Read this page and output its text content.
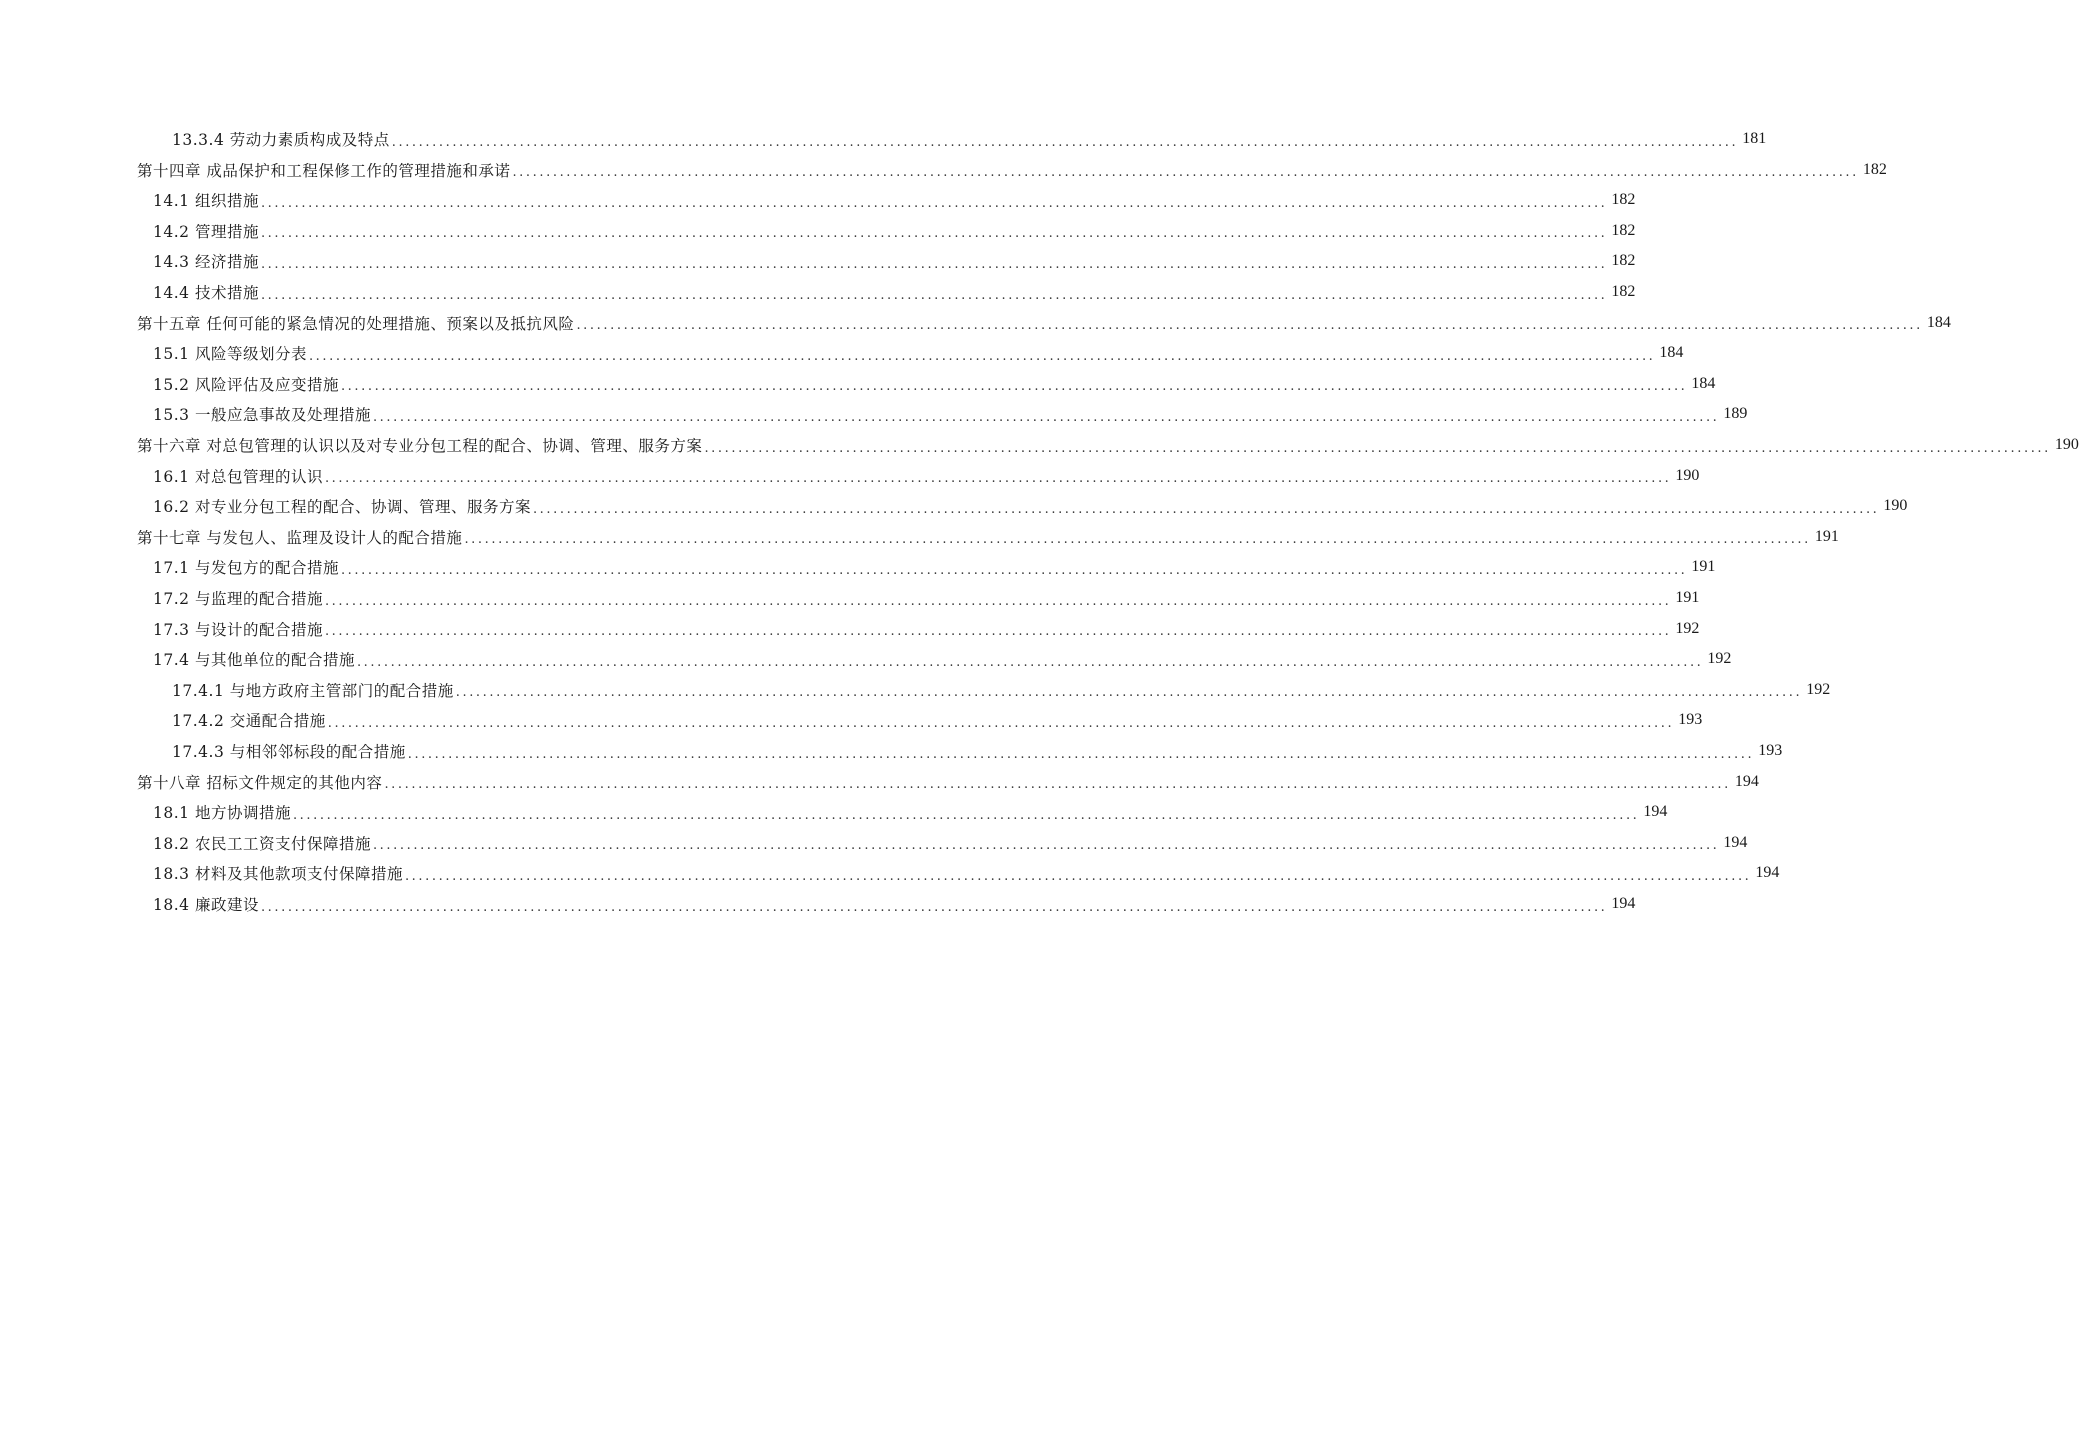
13.3.4 劳动力素质构成及特点 ........................................................................................................................................................................................................ 181
第十四章 成品保护和工程保修工作的管理措施和承诺 ........................................................................................................................................................................................................ 182
14.1 组织措施 ........................................................................................................................................................................................................ 182
14.2 管理措施 ........................................................................................................................................................................................................ 182
14.3 经济措施 ........................................................................................................................................................................................................ 182
14.4 技术措施 ........................................................................................................................................................................................................ 182
第十五章 任何可能的紧急情况的处理措施、预案以及抵抗风险 ........................................................................................................................................................................................................ 184
15.1 风险等级划分表 ........................................................................................................................................................................................................ 184
15.2 风险评估及应变措施 ........................................................................................................................................................................................................ 184
15.3 一般应急事故及处理措施 ........................................................................................................................................................................................................ 189
第十六章 对总包管理的认识以及对专业分包工程的配合、协调、管理、服务方案 ........................................................................................................................................................................................................ 190
16.1 对总包管理的认识 ........................................................................................................................................................................................................ 190
16.2 对专业分包工程的配合、协调、管理、服务方案 ........................................................................................................................................................................................................ 190
第十七章 与发包人、监理及设计人的配合措施 ........................................................................................................................................................................................................ 191
17.1 与发包方的配合措施 ........................................................................................................................................................................................................ 191
17.2 与监理的配合措施 ........................................................................................................................................................................................................ 191
17.3 与设计的配合措施 ........................................................................................................................................................................................................ 192
17.4 与其他单位的配合措施 ........................................................................................................................................................................................................ 192
17.4.1 与地方政府主管部门的配合措施 ........................................................................................................................................................................................................ 192
17.4.2 交通配合措施 ........................................................................................................................................................................................................ 193
17.4.3 与相邻邻标段的配合措施 ........................................................................................................................................................................................................ 193
第十八章 招标文件规定的其他内容 ........................................................................................................................................................................................................ 194
18.1 地方协调措施 ........................................................................................................................................................................................................ 194
18.2 农民工工资支付保障措施 ........................................................................................................................................................................................................ 194
18.3 材料及其他款项支付保障措施 ........................................................................................................................................................................................................ 194
18.4 廉政建设 ........................................................................................................................................................................................................ 194
